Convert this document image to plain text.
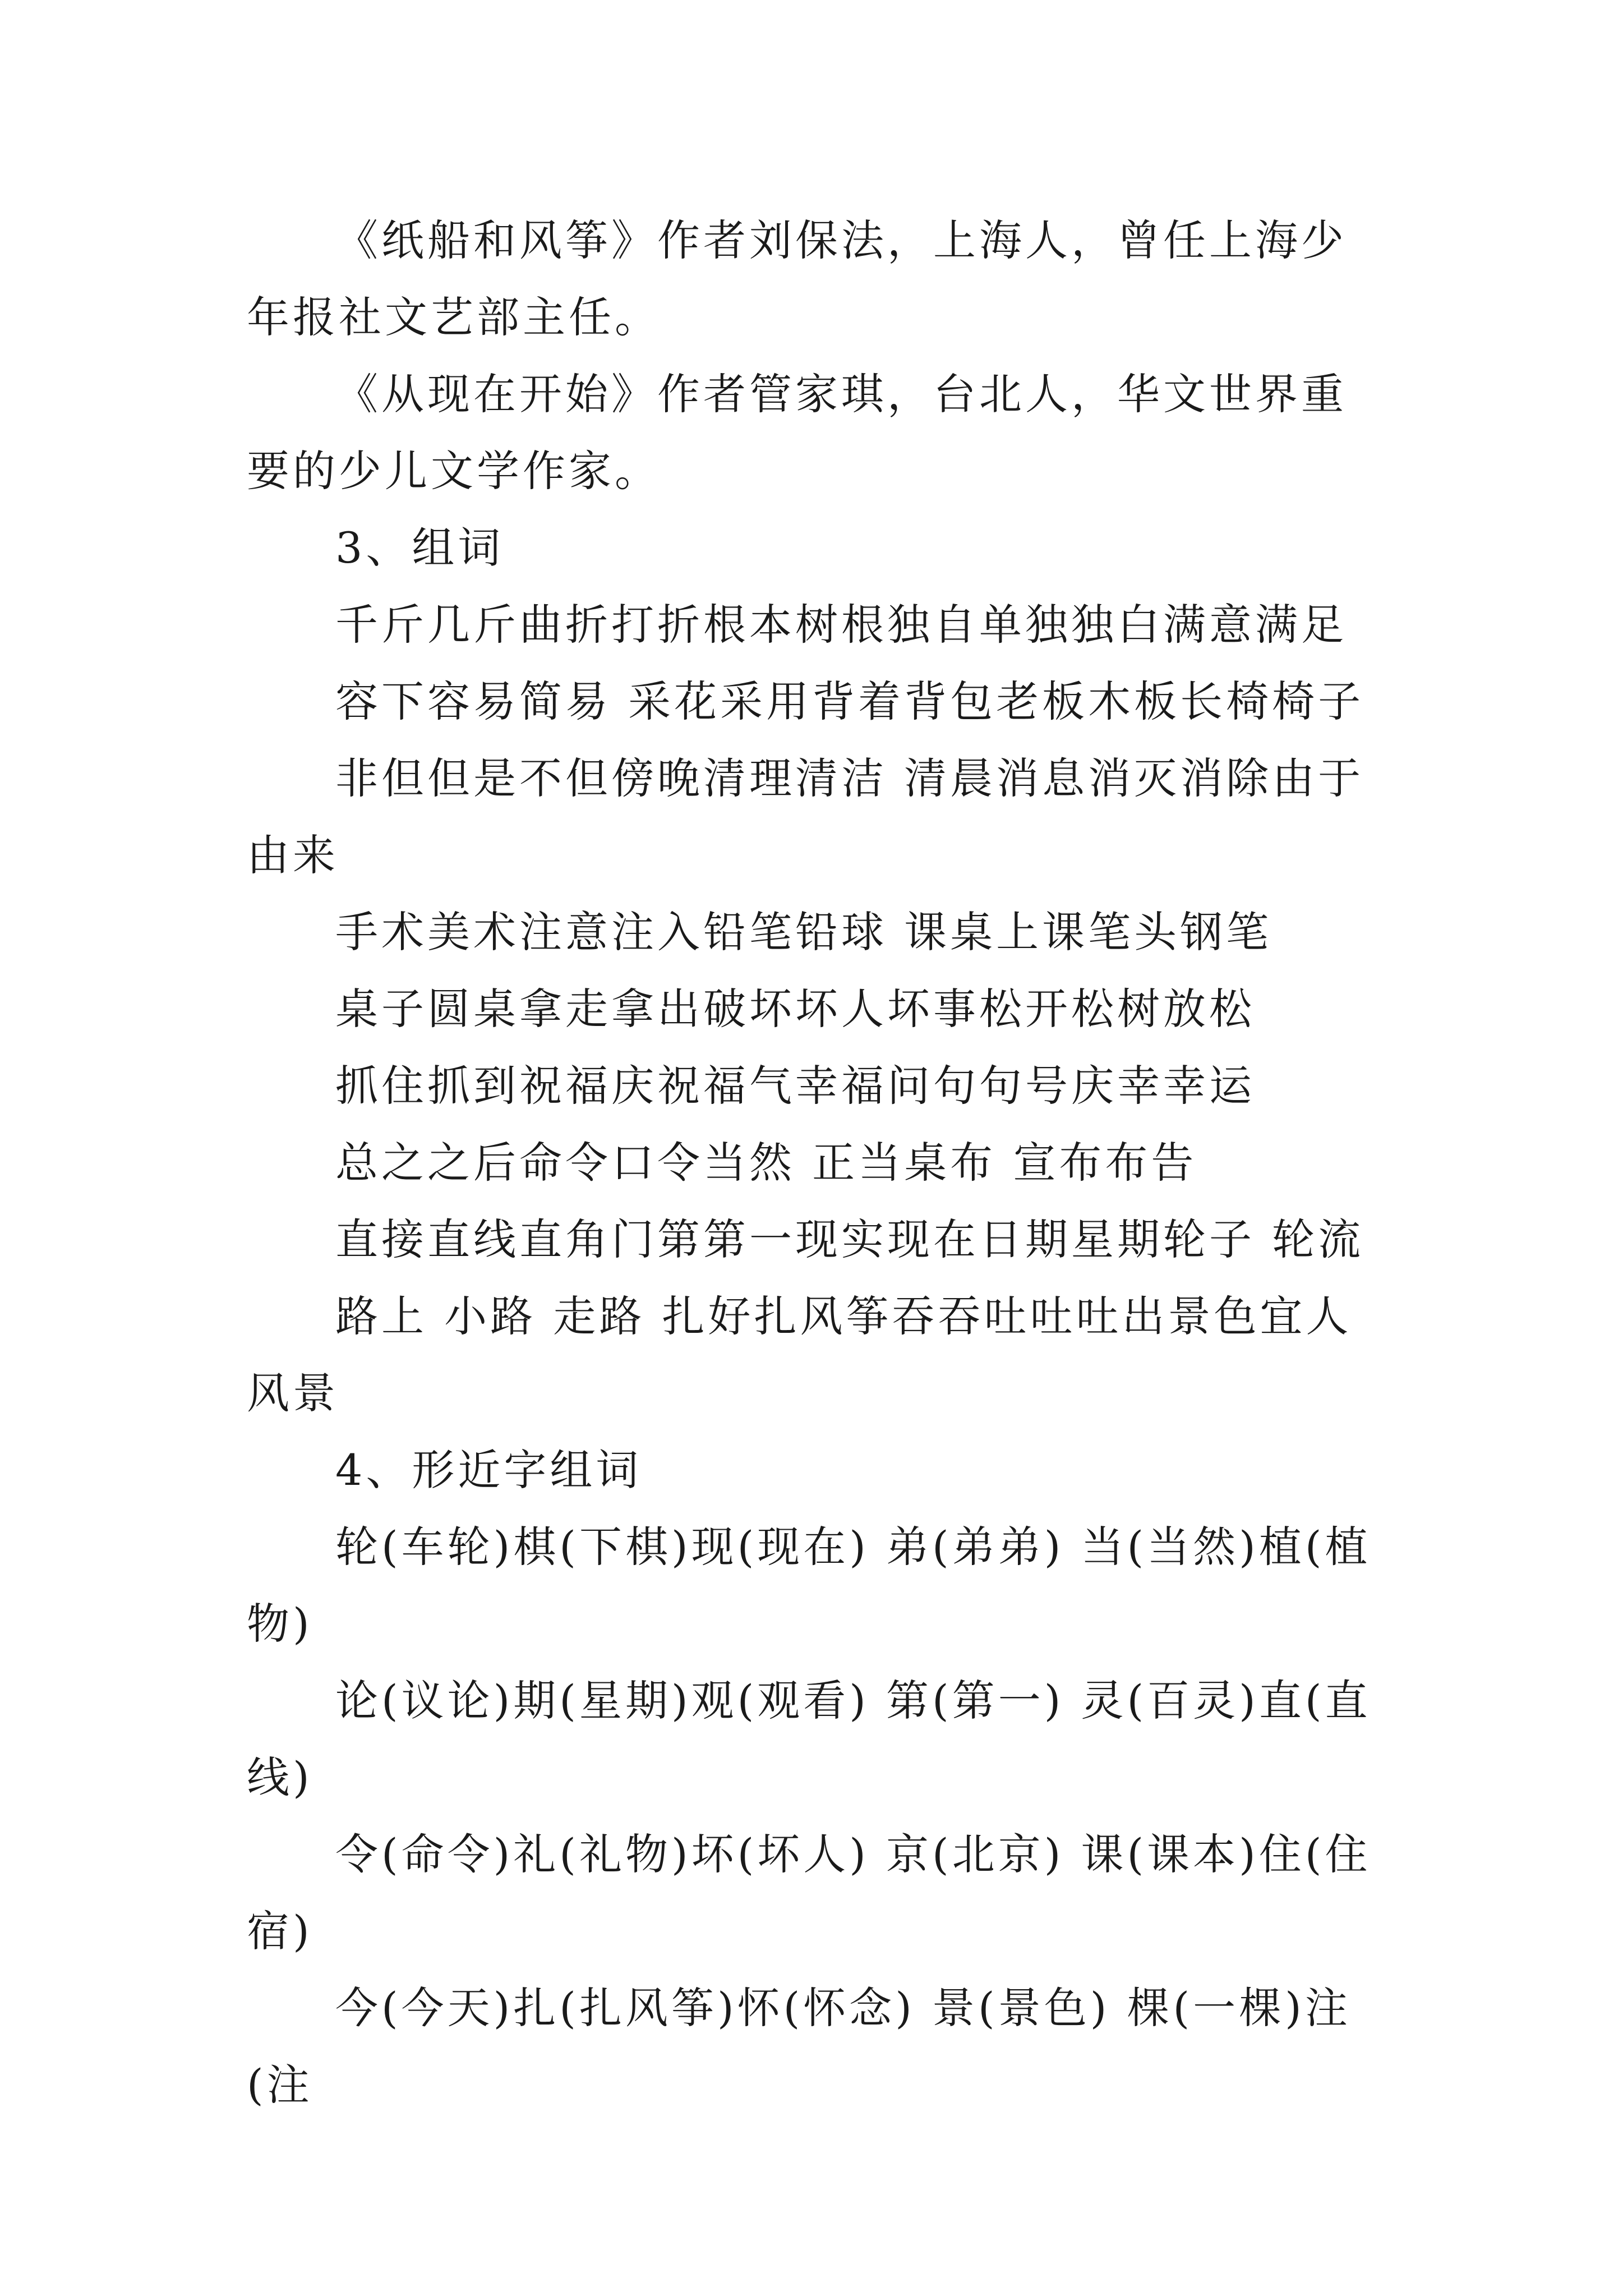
《纸船和风筝》作者刘保法，上海人，曾任上海少年报社文艺部主任。

《从现在开始》作者管家琪，台北人，华文世界重要的少儿文学作家。

3、组词

千斤几斤曲折打折根本树根独自单独独白满意满足

容下容易简易 采花采用背着背包老板木板长椅椅子

非但但是不但傍晚清理清洁 清晨消息消灭消除由于由来

手术美术注意注入铅笔铅球 课桌上课笔头钢笔

桌子圆桌拿走拿出破坏坏人坏事松开松树放松

抓住抓到祝福庆祝福气幸福问句句号庆幸幸运

总之之后命令口令当然 正当桌布 宣布布告

直接直线直角门第第一现实现在日期星期轮子 轮流

路上 小路 走路 扎好扎风筝吞吞吐吐吐出景色宜人风景

4、形近字组词

轮(车轮)棋(下棋)现(现在) 弟(弟弟) 当(当然)植(植物)

论(议论)期(星期)观(观看) 第(第一) 灵(百灵)直(直线)

令(命令)礼(礼物)坏(坏人) 京(北京) 课(课本)住(住宿)

今(今天)扎(扎风筝)怀(怀念) 景(景色) 棵(一棵)注(注
